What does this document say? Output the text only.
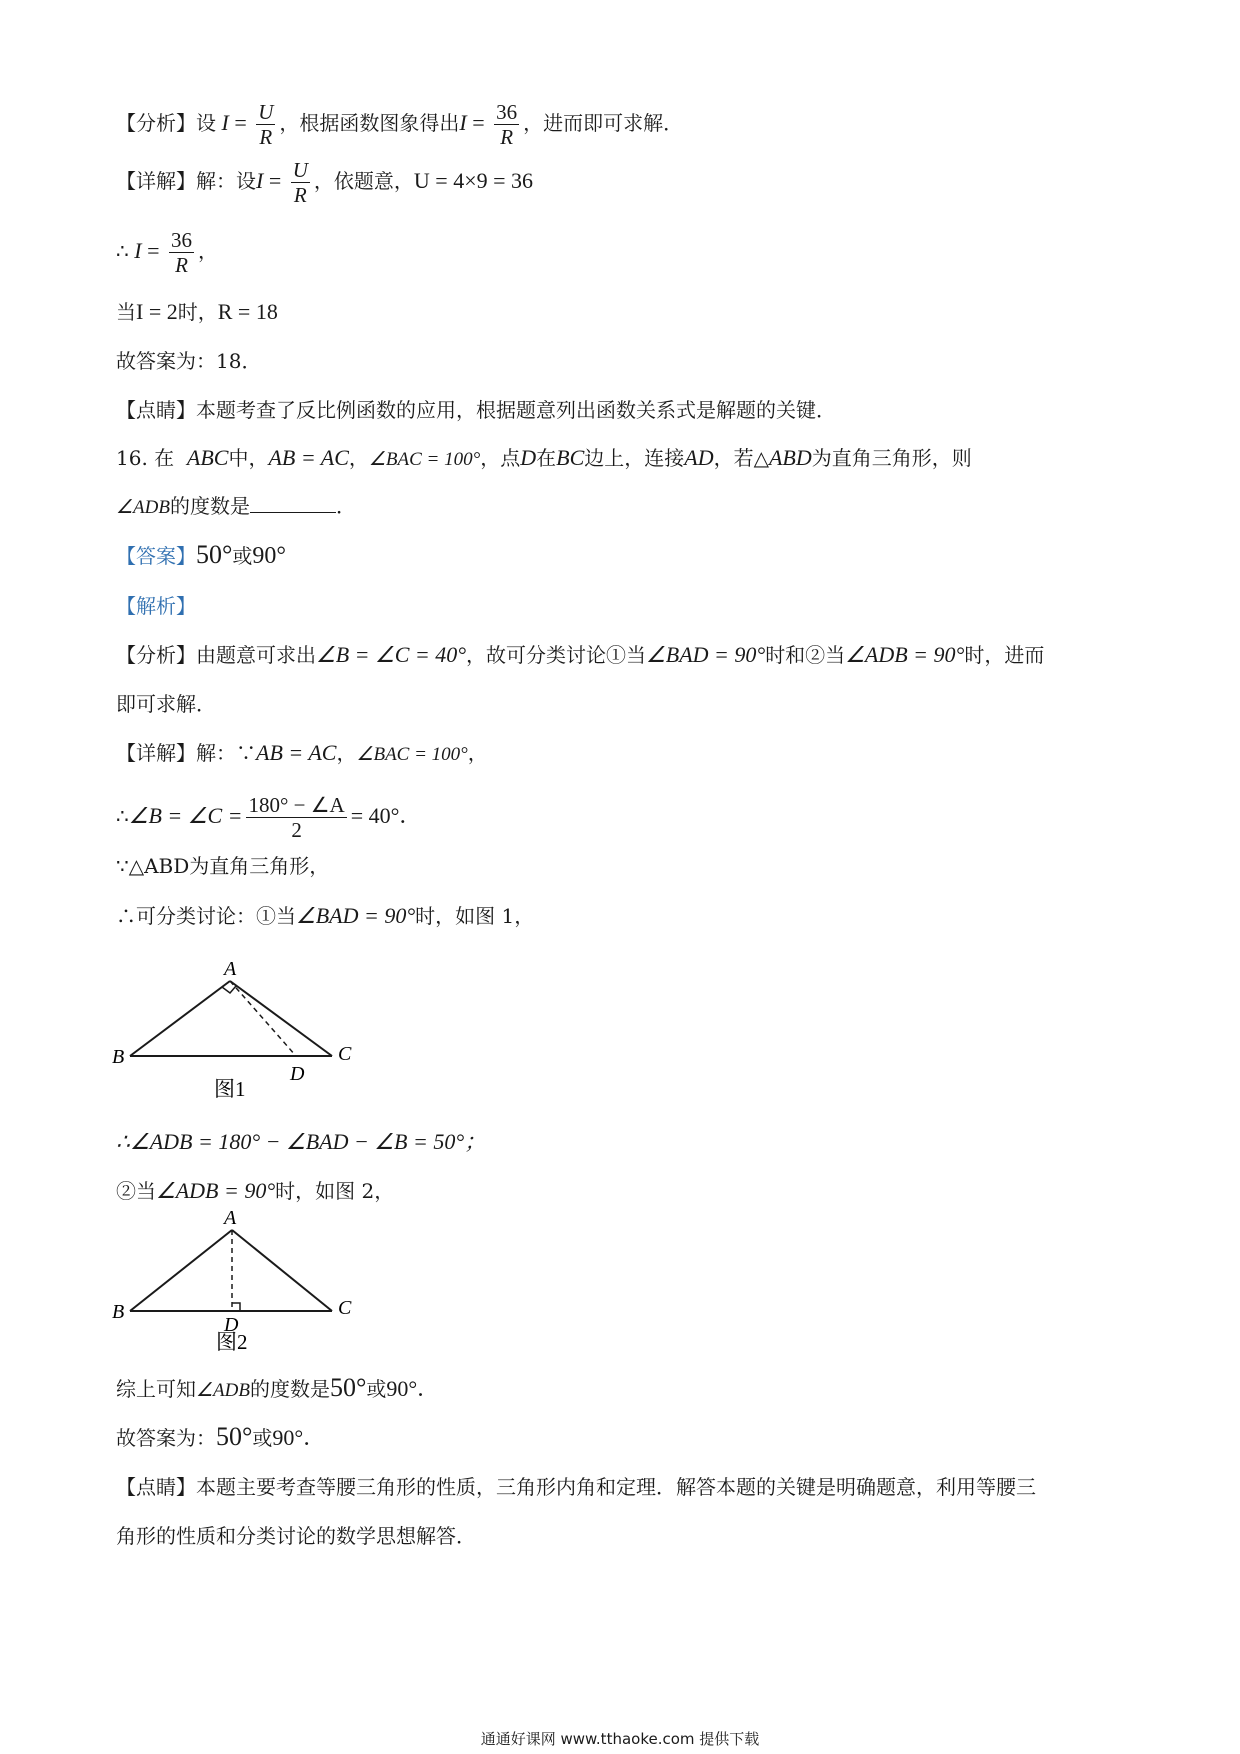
【分析】设 $I = \frac{U}{R}$ ，根据函数图象得出$I = \frac{36}{R}$ ，进而即可求解．
【详解】解：设$I = \frac{U}{R}$ ，依题意，U = 4×9 = 36
∴ $I = \frac{36}{R}$ ，
当I = 2时，R = 18
故答案为：18．
【点睛】本题考查了反比例函数的应用，根据题意列出函数关系式是解题的关键．
16. 在 ABC中，AB = AC，∠BAC = 100°，点D在BC边上，连接AD，若△ABD为直角三角形，则
∠ADB的度数是	．
【答案】50°或90°
【解析】
【分析】由题意可求出∠B = ∠C = 40°，故可分类讨论①当∠BAD = 90°时和②当∠ADB = 90°时，进而
即可求解．
【详解】解：∵AB = AC，∠BAC = 100°，
∴∠B = ∠C = $\frac{180^\circ - \angle A}{2} = 40^\circ$．
∵△ABD为直角三角形，
∴可分类讨论：①当∠BAD = 90°时，如图 1，
A
B	C
D
图1
∴∠ADB = 180° − ∠BAD − ∠B = 50°；
②当∠ADB = 90°时，如图 2，
A
B	C
D
图2
综上可知∠ADB的度数是50°或90°．
故答案为：50°或90°．
【点睛】本题主要考查等腰三角形的性质，三角形内角和定理．解答本题的关键是明确题意，利用等腰三
角形的性质和分类讨论的数学思想解答．
通通好课网 www.tthaoke.com 提供下载
